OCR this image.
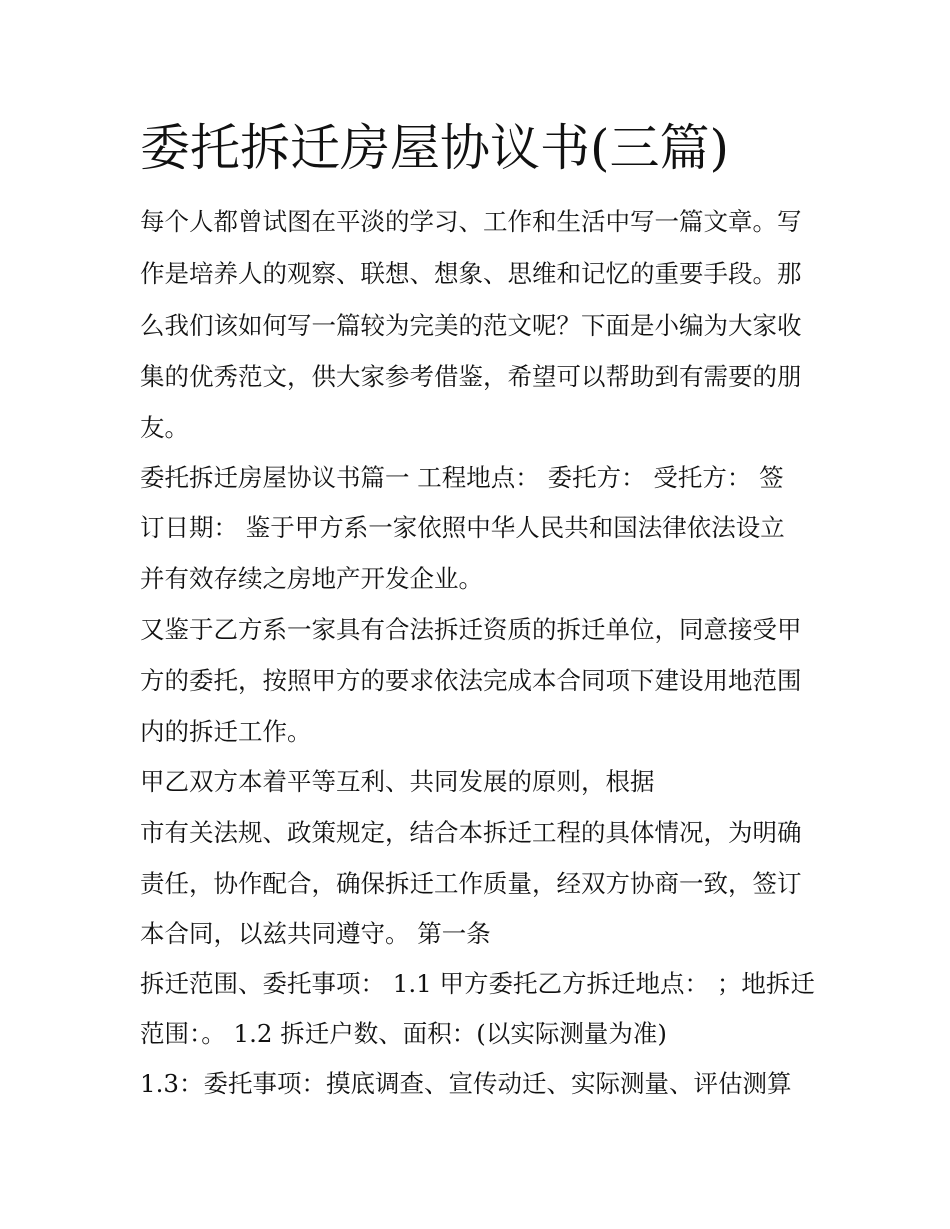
委托拆迁房屋协议书(三篇)

每个人都曾试图在平淡的学习、工作和生活中写一篇文章。写

作是培养人的观察、联想、想象、思维和记忆的重要手段。那

么我们该如何写一篇较为完美的范文呢？下面是小编为大家收

集的优秀范文，供大家参考借鉴，希望可以帮助到有需要的朋

友。

委托拆迁房屋协议书篇一 工程地点： 委托方： 受托方： 签

订日期： 鉴于甲方系一家依照中华人民共和国法律依法设立

并有效存续之房地产开发企业。

又鉴于乙方系一家具有合法拆迁资质的拆迁单位，同意接受甲

方的委托，按照甲方的要求依法完成本合同项下建设用地范围

内的拆迁工作。

甲乙双方本着平等互利、共同发展的原则，根据

市有关法规、政策规定，结合本拆迁工程的具体情况，为明确

责任，协作配合，确保拆迁工作质量，经双方协商一致，签订

本合同，以兹共同遵守。 第一条

拆迁范围、委托事项： 1.1 甲方委托乙方拆迁地点： ；地拆迁

范围：。 1.2 拆迁户数、面积：(以实际测量为准)

1.3：委托事项：摸底调查、宣传动迁、实际测量、评估测算
